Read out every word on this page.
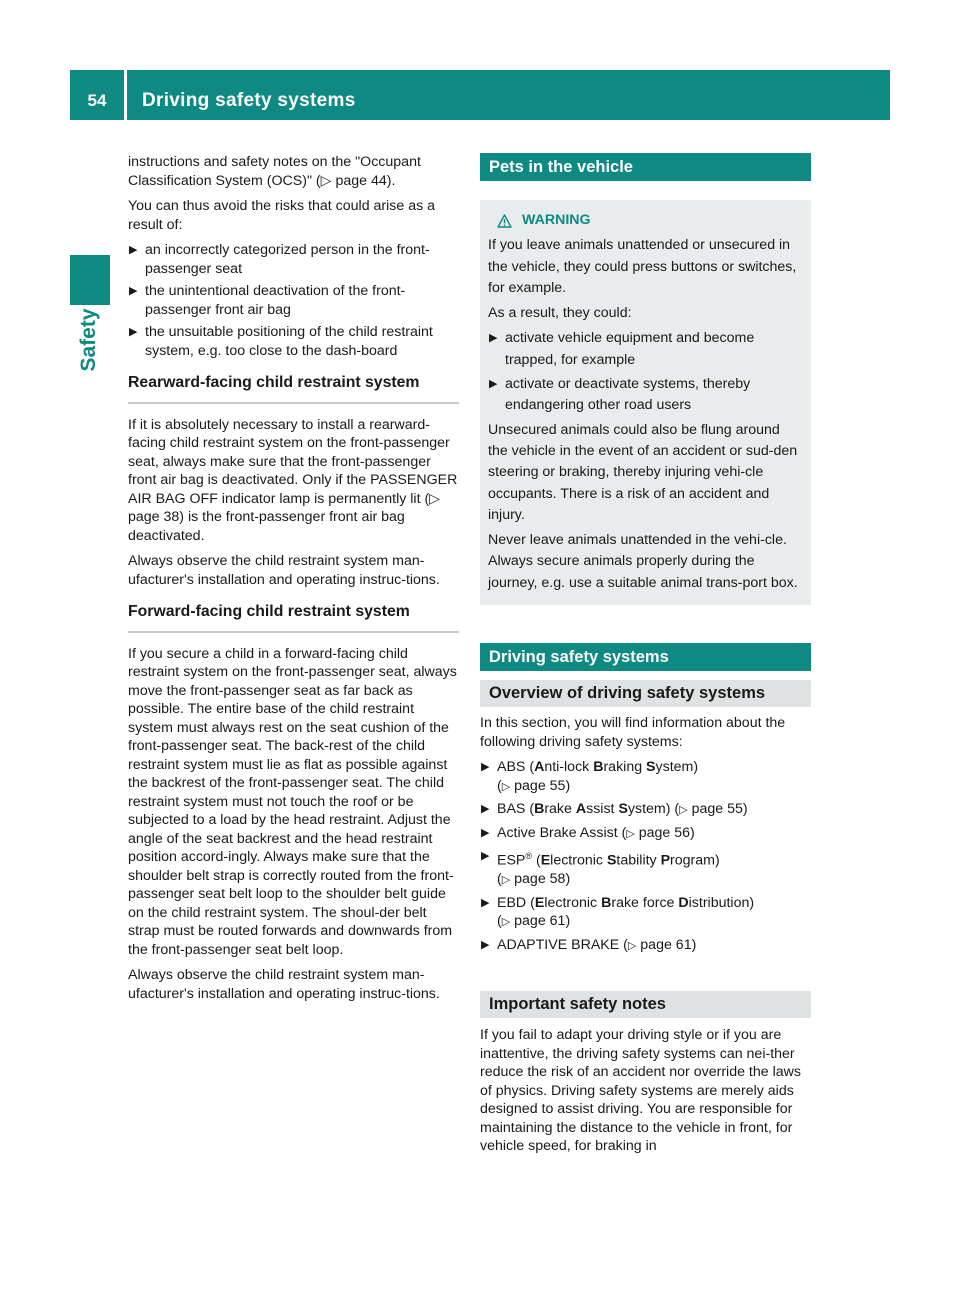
54	Driving safety systems
Safety

instructions and safety notes on the "Occupant Classification System (OCS)" (▷ page 44).

You can thus avoid the risks that could arise as a result of:

▶ an incorrectly categorized person in the front-passenger seat
▶ the unintentional deactivation of the front-passenger front air bag
▶ the unsuitable positioning of the child restraint system, e.g. too close to the dash-board
Rearward-facing child restraint system

If it is absolutely necessary to install a rearward-facing child restraint system on the front-passenger seat, always make sure that the front-passenger front air bag is deactivated. Only if the PASSENGER AIR BAG OFF indicator lamp is permanently lit (▷ page 38) is the front-passenger front air bag deactivated.

Always observe the child restraint system man-ufacturer's installation and operating instruc-tions.

Forward-facing child restraint system

If you secure a child in a forward-facing child restraint system on the front-passenger seat, always move the front-passenger seat as far back as possible. The entire base of the child restraint system must always rest on the seat cushion of the front-passenger seat. The back-rest of the child restraint system must lie as flat as possible against the backrest of the front-passenger seat. The child restraint system must not touch the roof or be subjected to a load by the head restraint. Adjust the angle of the seat backrest and the head restraint position accord-ingly. Always make sure that the shoulder belt strap is correctly routed from the front-passenger seat belt loop to the shoulder belt guide on the child restraint system. The shoul-der belt strap must be routed forwards and downwards from the front-passenger seat belt loop.

Always observe the child restraint system man-ufacturer's installation and operating instruc-tions.

Pets in the vehicle
WARNING

If you leave animals unattended or unsecured in the vehicle, they could press buttons or switches, for example.

As a result, they could:

▶ activate vehicle equipment and become trapped, for example
▶ activate or deactivate systems, thereby endangering other road users

Unsecured animals could also be flung around the vehicle in the event of an accident or sud-den steering or braking, thereby injuring vehi-cle occupants. There is a risk of an accident and injury.

Never leave animals unattended in the vehi-cle. Always secure animals properly during the journey, e.g. use a suitable animal trans-port box.

Driving safety systems
Overview of driving safety systems

In this section, you will find information about the following driving safety systems:

▶ ABS (Anti-lock Braking System)
(▷ page 55)
▶ BAS (Brake Assist System) (▷ page 55)
▶ Active Brake Assist (▷ page 56)
▶ ESP® (Electronic Stability Program)
(▷ page 58)
▶ EBD (Electronic Brake force Distribution)
(▷ page 61)
▶ ADAPTIVE BRAKE (▷ page 61)
Important safety notes

If you fail to adapt your driving style or if you are inattentive, the driving safety systems can nei-ther reduce the risk of an accident nor override the laws of physics. Driving safety systems are merely aids designed to assist driving. You are responsible for maintaining the distance to the vehicle in front, for vehicle speed, for braking in
